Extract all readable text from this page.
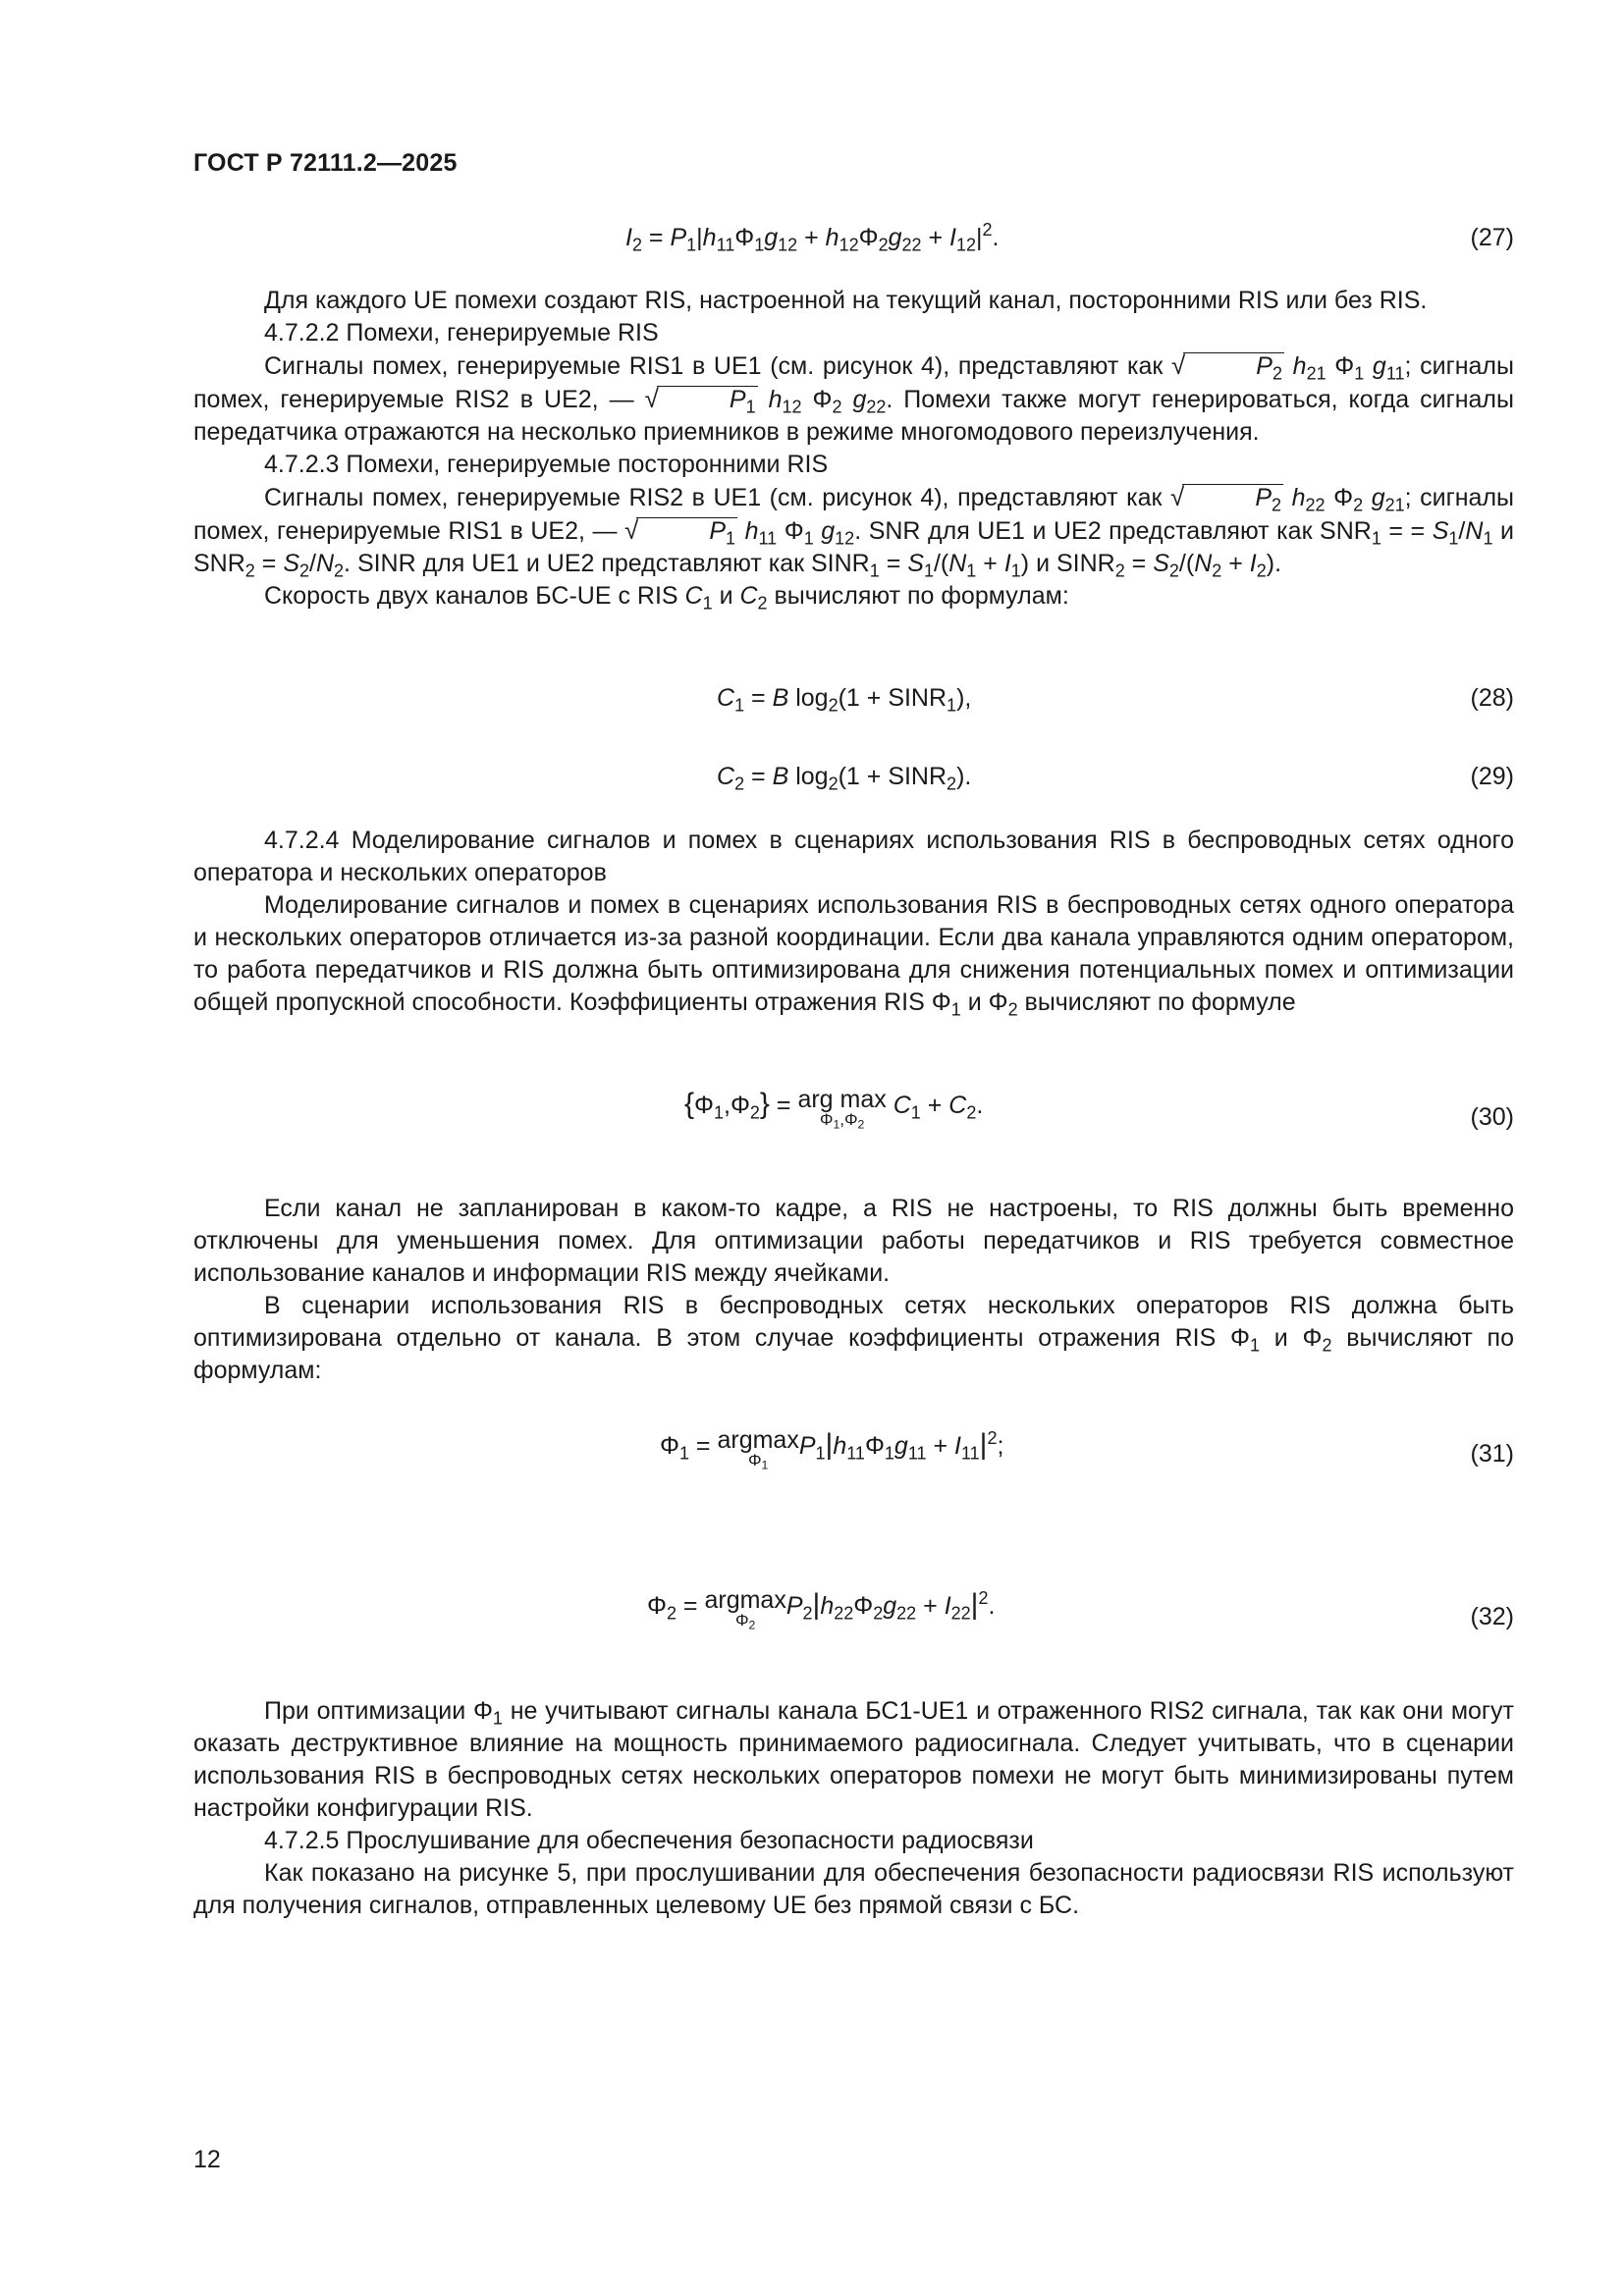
ГОСТ Р 72111.2—2025
$I_2 = P_1|h_{11}\Phi_1g_{12} + h_{12}\Phi_2g_{22} + I_{12}|^2$.	(27)

Для каждого UE помехи создают RIS, настроенной на текущий канал, посторонними RIS или без RIS.

4.7.2.2 Помехи, генерируемые RIS

Сигналы помех, генерируемые RIS1 в UE1 (см. рисунок 4), представляют как √	$P_2$ $h_{21}$ $\Phi_1$ $g_{11}$; сигналы помех, генерируемые RIS2 в UE2, — √	$P_1$ $h_{12}$ $\Phi_2$ $g_{22}$. Помехи также могут генерироваться, когда сигналы передатчика отражаются на несколько приемников в режиме многомодового переизлучения.

4.7.2.3 Помехи, генерируемые посторонними RIS

Сигналы помех, генерируемые RIS2 в UE1 (см. рисунок 4), представляют как √	$P_2$ $h_{22}$ $\Phi_2$ $g_{21}$; сигналы помех, генерируемые RIS1 в UE2, — √	$P_1$ $h_{11}$ $\Phi_1$ $g_{12}$. SNR для UE1 и UE2 представляют как $SNR_1$ = = $S_1/N_1$ и $SNR_2 = S_2/N_2$. SINR для UE1 и UE2 представляют как $SINR_1 = S_1/(N_1 + I_1)$ и $SINR_2 = S_2/(N_2 + I_2)$.

Скорость двух каналов БС-UE с RIS $C_1$ и $C_2$ вычисляют по формулам:

$C_1 = B$ $\log_2(1$ + $SINR_1$),	(28)
$C_2 = B$ $\log_2(1$ + $SINR_2$).	(29)

4.7.2.4 Моделирование сигналов и помех в сценариях использования RIS в беспроводных сетях одного оператора и нескольких операторов

Моделирование сигналов и помех в сценариях использования RIS в беспроводных сетях одного оператора и нескольких операторов отличается из-за разной координации. Если два канала управляются одним оператором, то работа передатчиков и RIS должна быть оптимизирована для снижения потенциальных помех и оптимизации общей пропускной способности. Коэффициенты отражения RIS $\Phi_1$ и $\Phi_2$ вычисляют по формуле

$\{\Phi_1,\Phi_2\}$ = arg max
$\Phi_1,\Phi_2$
$C_1 + C_2$.	(30)

Если канал не запланирован в каком-то кадре, а RIS не настроены, то RIS должны быть временно отключены для уменьшения помех. Для оптимизации работы передатчиков и RIS требуется совместное использование каналов и информации RIS между ячейками.

В сценарии использования RIS в беспроводных сетях нескольких операторов RIS должна быть оптимизирована отдельно от канала. В этом случае коэффициенты отражения RIS $\Phi_1$ и $\Phi_2$ вычисляют по формулам:

$\Phi_1 = argmax$
$\Phi_1$
$P_1|h_{11}\Phi_1g_{11} + I_{11}|^2$;	(31)
$\Phi_2 = argmax$
$\Phi_2$
$P_2|h_{22}\Phi_2g_{22} + I_{22}|^2$.	(32)

При оптимизации $\Phi_1$ не учитывают сигналы канала БС1-UE1 и отраженного RIS2 сигнала, так как они могут оказать деструктивное влияние на мощность принимаемого радиосигнала. Следует учитывать, что в сценарии использования RIS в беспроводных сетях нескольких операторов помехи не могут быть минимизированы путем настройки конфигурации RIS.

4.7.2.5 Прослушивание для обеспечения безопасности радиосвязи

Как показано на рисунке 5, при прослушивании для обеспечения безопасности радиосвязи RIS используют для получения сигналов, отправленных целевому UE без прямой связи с БС.

12
